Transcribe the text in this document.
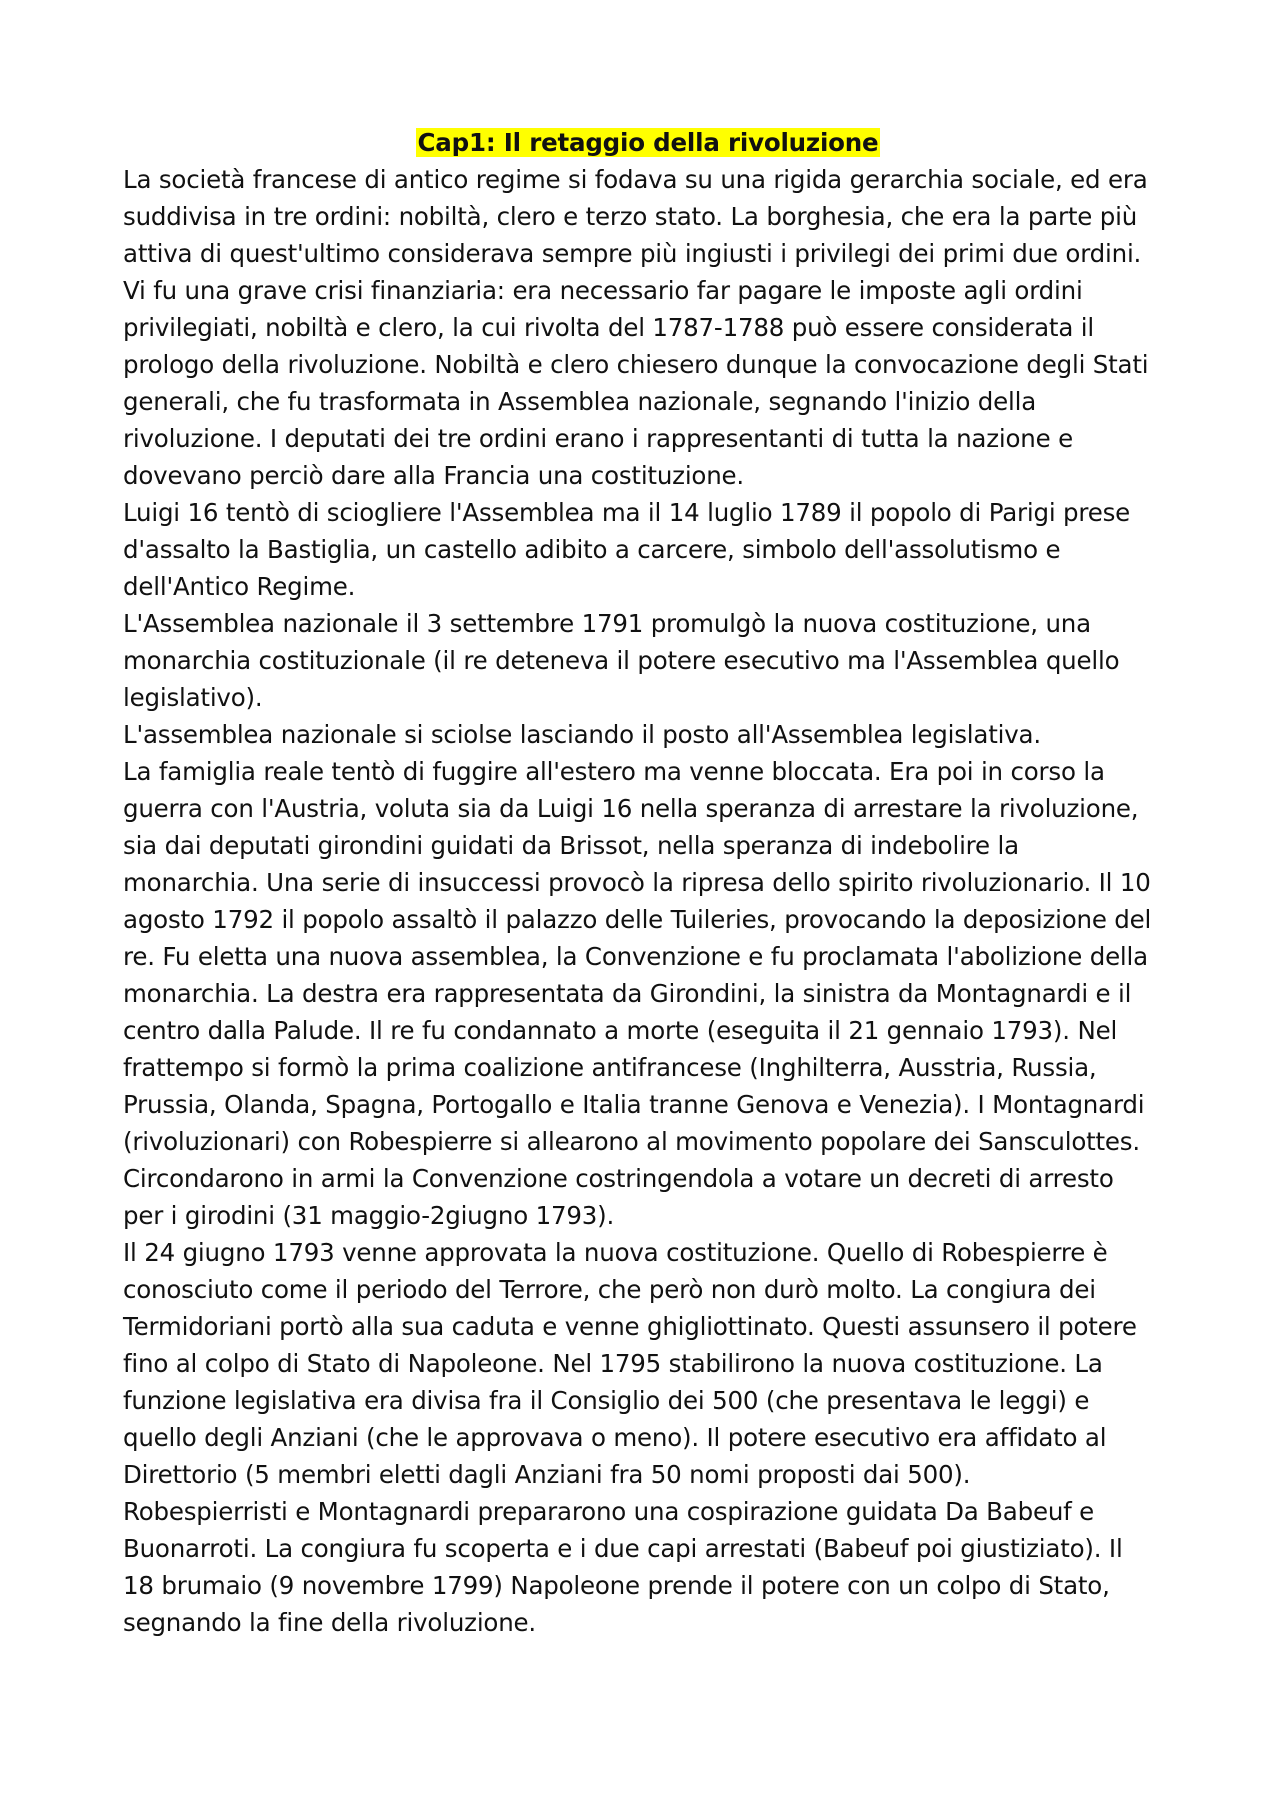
Cap1: Il retaggio della rivoluzione
La società francese di antico regime si fodava su una rigida gerarchia sociale, ed era
suddivisa in tre ordini: nobiltà, clero e terzo stato. La borghesia, che era la parte più
attiva di quest'ultimo considerava sempre più ingiusti i privilegi dei primi due ordini.
Vi fu una grave crisi finanziaria: era necessario far pagare le imposte agli ordini
privilegiati, nobiltà e clero, la cui rivolta del 1787-1788 può essere considerata il
prologo della rivoluzione. Nobiltà e clero chiesero dunque la convocazione degli Stati
generali, che fu trasformata in Assemblea nazionale, segnando l'inizio della
rivoluzione. I deputati dei tre ordini erano i rappresentanti di tutta la nazione e
dovevano perciò dare alla Francia una costituzione.
Luigi 16 tentò di sciogliere l'Assemblea ma il 14 luglio 1789 il popolo di Parigi prese
d'assalto la Bastiglia, un castello adibito a carcere, simbolo dell'assolutismo e
dell'Antico Regime.
L'Assemblea nazionale il 3 settembre 1791 promulgò la nuova costituzione, una
monarchia costituzionale (il re deteneva il potere esecutivo ma l'Assemblea quello
legislativo).
L'assemblea nazionale si sciolse lasciando il posto all'Assemblea legislativa.
La famiglia reale tentò di fuggire all'estero ma venne bloccata. Era poi in corso la
guerra con l'Austria, voluta sia da Luigi 16 nella speranza di arrestare la rivoluzione,
sia dai deputati girondini guidati da Brissot, nella speranza di indebolire la
monarchia. Una serie di insuccessi provocò la ripresa dello spirito rivoluzionario. Il 10
agosto 1792 il popolo assaltò il palazzo delle Tuileries, provocando la deposizione del
re. Fu eletta una nuova assemblea, la Convenzione e fu proclamata l'abolizione della
monarchia. La destra era rappresentata da Girondini, la sinistra da Montagnardi e il
centro dalla Palude. Il re fu condannato a morte (eseguita il 21 gennaio 1793). Nel
frattempo si formò la prima coalizione antifrancese (Inghilterra, Ausstria, Russia,
Prussia, Olanda, Spagna, Portogallo e Italia tranne Genova e Venezia). I Montagnardi
(rivoluzionari) con Robespierre si allearono al movimento popolare dei Sansculottes.
Circondarono in armi la Convenzione costringendola a votare un decreti di arresto
per i girodini (31 maggio-2giugno 1793).
Il 24 giugno 1793 venne approvata la nuova costituzione. Quello di Robespierre è
conosciuto come il periodo del Terrore, che però non durò molto. La congiura dei
Termidoriani portò alla sua caduta e venne ghigliottinato. Questi assunsero il potere
fino al colpo di Stato di Napoleone. Nel 1795 stabilirono la nuova costituzione. La
funzione legislativa era divisa fra il Consiglio dei 500 (che presentava le leggi) e
quello degli Anziani (che le approvava o meno). Il potere esecutivo era affidato al
Direttorio (5 membri eletti dagli Anziani fra 50 nomi proposti dai 500).
Robespierristi e Montagnardi prepararono una cospirazione guidata Da Babeuf e
Buonarroti. La congiura fu scoperta e i due capi arrestati (Babeuf poi giustiziato). Il
18 brumaio (9 novembre 1799) Napoleone prende il potere con un colpo di Stato,
segnando la fine della rivoluzione.
